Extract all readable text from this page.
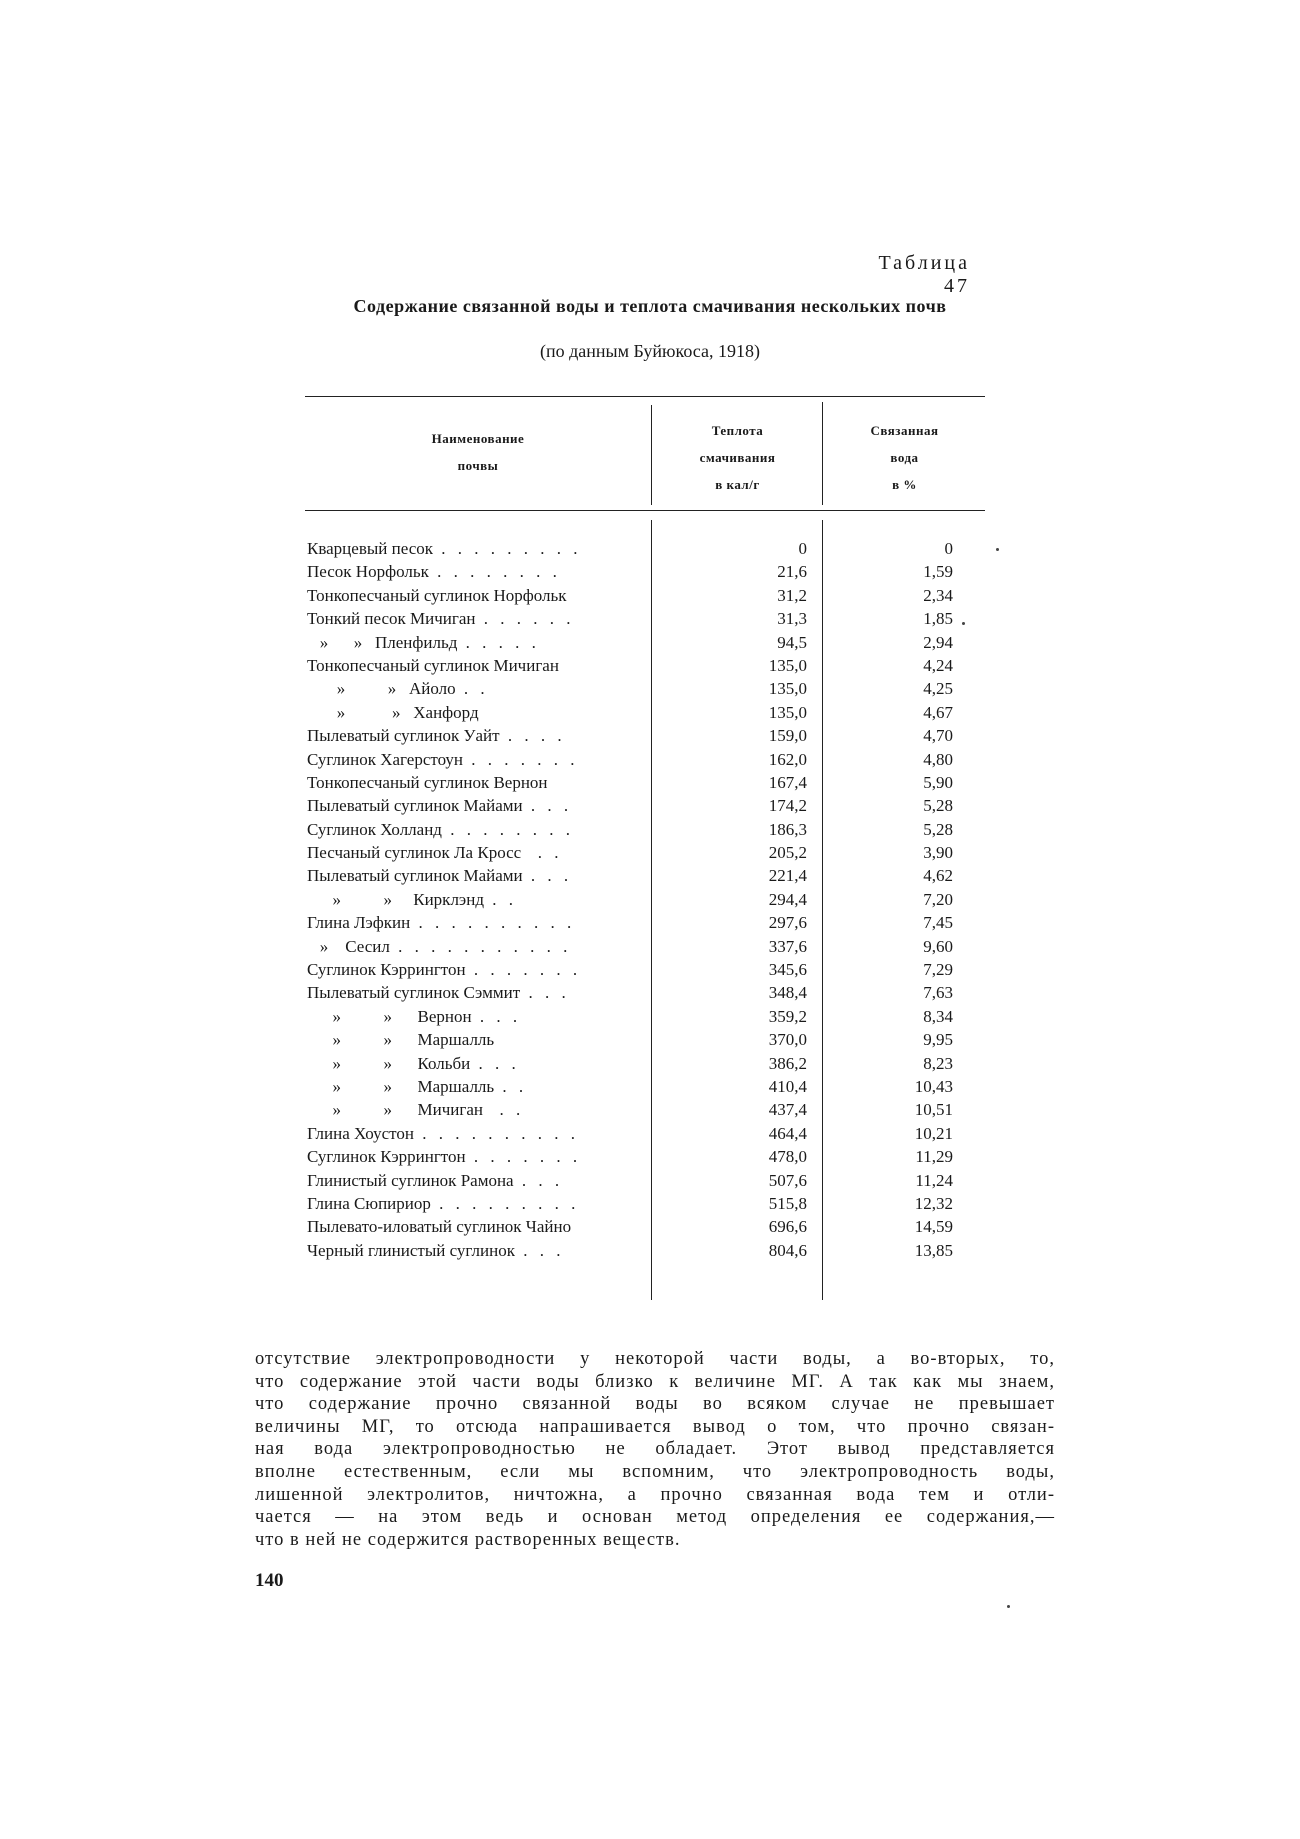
Таблица 47
Содержание связанной воды и теплота смачивания нескольких почв
(по данным Буйюкоса, 1918)
Наименование
почвы
Теплота
смачивания
в кал/г
Связанная
вода
в %
Кварцевый песок . . . . . . . . .	0	0
Песок Норфольк . . . . . . . .	21,6	1,59
Тонкопесчаный суглинок Норфольк	31,2	2,34
Тонкий песок Мичиган . . . . . .	31,3	1,85
»      »   Пленфильд . . . . .	94,5	2,94
Тонкопесчаный суглинок Мичиган	135,0	4,24
»          »   Айоло . .	135,0	4,25
»           »   Ханфорд	135,0	4,67
Пылеватый суглинок Уайт . . . .	159,0	4,70
Суглинок Хагерстоун . . . . . . .	162,0	4,80
Тонкопесчаный суглинок Вернон	167,4	5,90
Пылеватый суглинок Майами . . .	174,2	5,28
Суглинок Холланд . . . . . . . .	186,3	5,28
Песчаный суглинок Ла Кросс  . .	205,2	3,90
Пылеватый суглинок Майами . . .	221,4	4,62
»          »     Кирклэнд . .	294,4	7,20
Глина Лэфкин . . . . . . . . . .	297,6	7,45
»    Сесил . . . . . . . . . . .	337,6	9,60
Суглинок Кэррингтон . . . . . . .	345,6	7,29
Пылеватый суглинок Сэммит . . .	348,4	7,63
»          »      Вернон . . .	359,2	8,34
»          »      Маршалль	370,0	9,95
»          »      Кольби . . .	386,2	8,23
»          »      Маршалль . .	410,4	10,43
»          »      Мичиган  . .	437,4	10,51
Глина Хоустон . . . . . . . . . .	464,4	10,21
Суглинок Кэррингтон . . . . . . .	478,0	11,29
Глинистый суглинок Рамона . . .	507,6	11,24
Глина Сюпириор . . . . . . . . .	515,8	12,32
Пылевато-иловатый суглинок Чайно	696,6	14,59
Черный глинистый суглинок . . .	804,6	13,85

отсутствие электропроводности у некоторой части воды, а во-вторых, то,

что содержание этой части воды близко к величине МГ. А так как мы знаем,

что содержание прочно связанной воды во всяком случае не превышает

величины МГ, то отсюда напрашивается вывод о том, что прочно связан-

ная вода электропроводностью не обладает. Этот вывод представляется

вполне естественным, если мы вспомним, что электропроводность воды,

лишенной электролитов, ничтожна, а прочно связанная вода тем и отли-

чается — на этом ведь и основан метод определения ее содержания,—

что в ней не содержится растворенных веществ.

140
